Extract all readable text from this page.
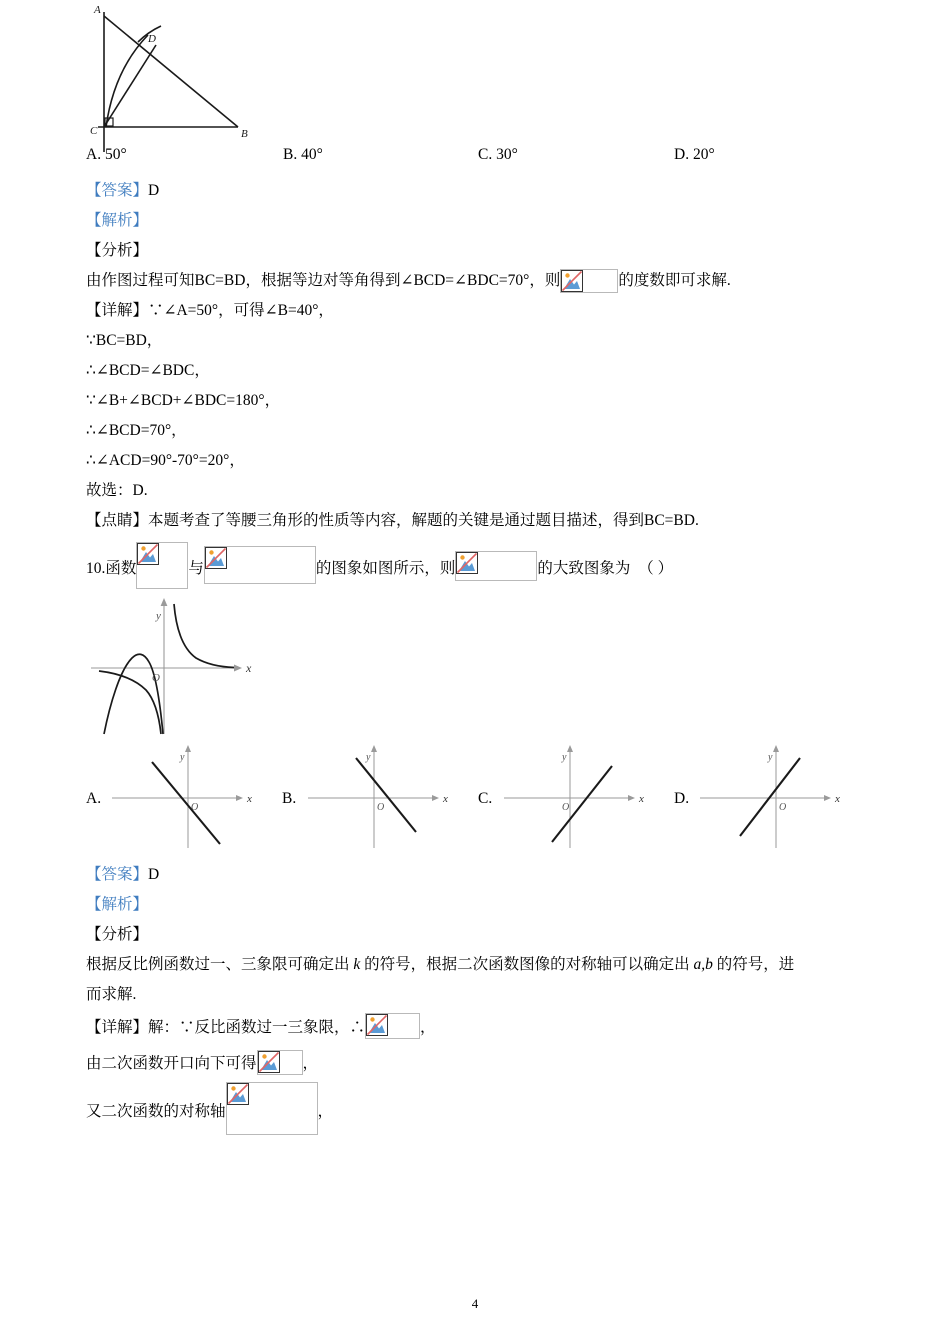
A
B
C
D
A. 50°	B. 40°	C. 30°	D. 20°
【答案】D
【解析】
【分析】
由作图过程可知BC=BD，根据等边对等角得到∠BCD=∠BDC=70°，则	的度数即可求解.
【详解】∵∠A=50°，可得∠B=40°，
∵BC=BD，
∴∠BCD=∠BDC，
∵∠B+∠BCD+∠BDC=180°，
∴∠BCD=70°，
∴∠ACD=90°-70°=20°，
故选：D.
【点睛】本题考查了等腰三角形的性质等内容，解题的关键是通过题目描述，得到BC=BD.
10.函数	与	的图象如图所示，则	的大致图象为 （ ）
y
x
O
A.
y
x
O
B.
y
x
O
C.
y
x
O
D.
y
x
O
【答案】D
【解析】
【分析】
根据反比例函数过一、三象限可确定出 k 的符号，根据二次函数图像的对称轴可以确定出 a,b 的符号，进
而求解.
【详解】解：∵反比函数过一三象限，∴	，
由二次函数开口向下可得	，
又二次函数的对称轴	，
4
